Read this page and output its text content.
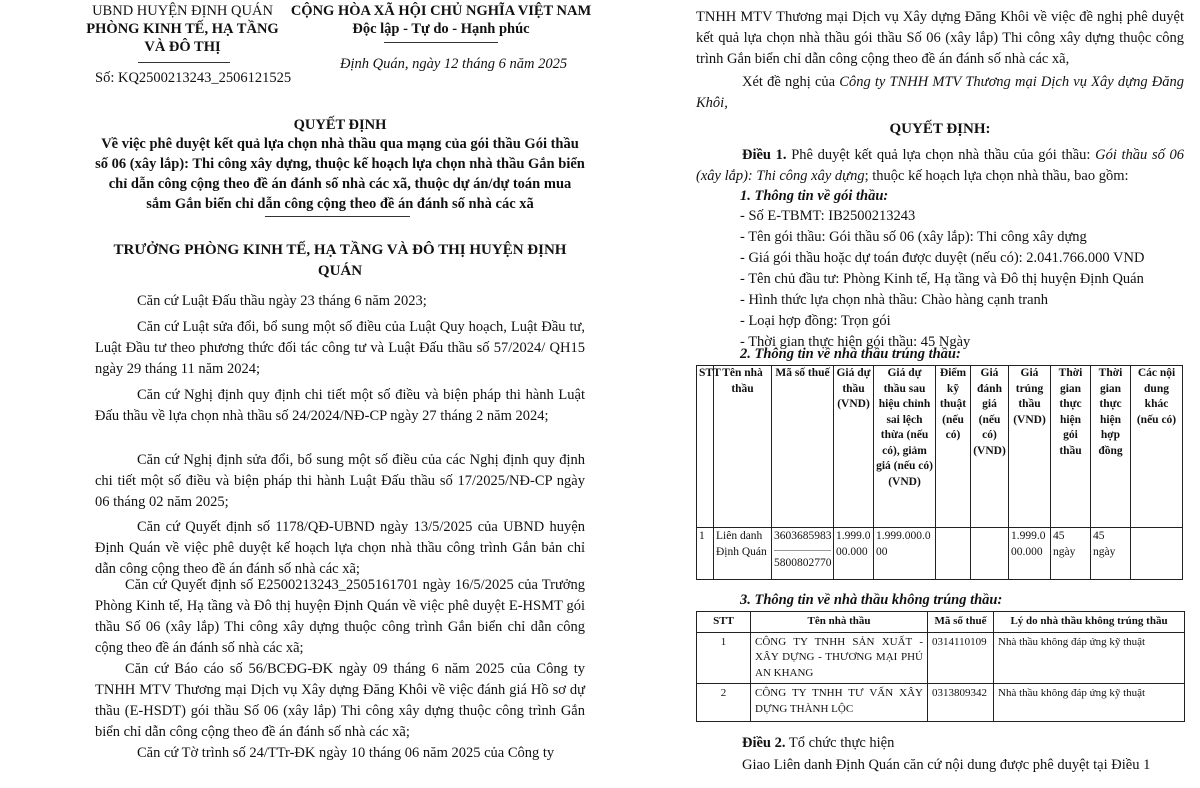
UBND HUYỆN ĐỊNH QUÁN
PHÒNG KINH TẾ, HẠ TẦNG
VÀ ĐÔ THỊ
Số: KQ2500213243_2506121525
CỘNG HÒA XÃ HỘI CHỦ NGHĨA VIỆT NAM
Độc lập - Tự do - Hạnh phúc
Định Quán, ngày 12 tháng 6 năm 2025
QUYẾT ĐỊNH
Về việc phê duyệt kết quả lựa chọn nhà thầu qua mạng của gói thầu Gói thầu số 06 (xây lắp): Thi công xây dựng, thuộc kế hoạch lựa chọn nhà thầu Gắn biển chỉ dẫn công cộng theo đề án đánh số nhà các xã, thuộc dự án/dự toán mua sắm Gắn biển chỉ dẫn công cộng theo đề án đánh số nhà các xã
TRƯỞNG PHÒNG KINH TẾ, HẠ TẦNG VÀ ĐÔ THỊ HUYỆN ĐỊNH QUÁN
Căn cứ Luật Đấu thầu ngày 23 tháng 6 năm 2023;
Căn cứ Luật sửa đổi, bổ sung một số điều của Luật Quy hoạch, Luật Đầu tư, Luật Đầu tư theo phương thức đối tác công tư và Luật Đấu thầu số 57/2024/ QH15 ngày 29 tháng 11 năm 2024;
Căn cứ Nghị định quy định chi tiết một số điều và biện pháp thi hành Luật Đấu thầu về lựa chọn nhà thầu số 24/2024/NĐ-CP ngày 27 tháng 2 năm 2024;
Căn cứ Nghị định sửa đổi, bổ sung một số điều của các Nghị định quy định chi tiết một số điều và biện pháp thi hành Luật Đấu thầu số 17/2025/NĐ-CP ngày 06 tháng 02 năm 2025;
Căn cứ Quyết định số 1178/QĐ-UBND ngày 13/5/2025 của UBND huyện Định Quán về việc phê duyệt kế hoạch lựa chọn nhà thầu công trình Gắn bản chỉ dẫn công cộng theo đề án đánh số nhà các xã;
Căn cứ Quyết định số E2500213243_2505161701 ngày 16/5/2025 của Trưởng Phòng Kinh tế, Hạ tầng và Đô thị huyện Định Quán về việc phê duyệt E-HSMT gói thầu Số 06 (xây lắp) Thi công xây dựng thuộc công trình Gắn biển chỉ dẫn công cộng theo đề án đánh số nhà các xã;
Căn cứ Báo cáo số 56/BCĐG-ĐK ngày 09 tháng 6 năm 2025 của Công ty TNHH MTV Thương mại Dịch vụ Xây dựng Đăng Khôi về việc đánh giá Hồ sơ dự thầu (E-HSDT) gói thầu Số 06 (xây lắp) Thi công xây dựng thuộc công trình Gắn biển chỉ dẫn công cộng theo đề án đánh số nhà các xã;
Căn cứ Tờ trình số 24/TTr-ĐK ngày 10 tháng 06 năm 2025 của Công ty
TNHH MTV Thương mại Dịch vụ Xây dựng Đăng Khôi về việc đề nghị phê duyệt kết quả lựa chọn nhà thầu gói thầu Số 06 (xây lắp) Thi công xây dựng thuộc công trình Gắn biển chỉ dẫn công cộng theo đề án đánh số nhà các xã,
Xét đề nghị của Công ty TNHH MTV Thương mại Dịch vụ Xây dựng Đăng Khôi,
QUYẾT ĐỊNH:
Điều 1. Phê duyệt kết quả lựa chọn nhà thầu của gói thầu: Gói thầu số 06 (xây lắp): Thi công xây dựng; thuộc kế hoạch lựa chọn nhà thầu, bao gồm:
1. Thông tin về gói thầu:
- Số E-TBMT: IB2500213243
- Tên gói thầu: Gói thầu số 06 (xây lắp): Thi công xây dựng
- Giá gói thầu hoặc dự toán được duyệt (nếu có): 2.041.766.000 VND
- Tên chủ đầu tư: Phòng Kinh tế, Hạ tầng và Đô thị huyện Định Quán
- Hình thức lựa chọn nhà thầu: Chào hàng cạnh tranh
- Loại hợp đồng: Trọn gói
- Thời gian thực hiện gói thầu: 45 Ngày
2. Thông tin về nhà thầu trúng thầu:
STT	Tên nhà thầu	Mã số thuế	Giá dự thầu (VND)	Giá dự thầu sau hiệu chỉnh sai lệch thừa (nếu có), giảm giá (nếu có) (VND)	Điểm kỹ thuật (nếu có)	Giá đánh giá (nếu có) (VND)	Giá trúng thầu (VND)	Thời gian thực hiện gói thầu	Thời gian thực hiện hợp đồng	Các nội dung khác (nếu có)
1	Liên danh Định Quán	3603685983
5800802770	1.999.000.000	1.999.000.000			1.999.000.000	45 ngày	45 ngày	
3. Thông tin về nhà thầu không trúng thầu:
STT	Tên nhà thầu	Mã số thuế	Lý do nhà thầu không trúng thầu
1	CÔNG TY TNHH SẢN XUẤT - XÂY DỰNG - THƯƠNG MẠI PHÚ AN KHANG	0314110109	Nhà thầu không đáp ứng kỹ thuật
2	CÔNG TY TNHH TƯ VẤN XÂY DỰNG THÀNH LỘC	0313809342	Nhà thầu không đáp ứng kỹ thuật
Điều 2. Tổ chức thực hiện
Giao Liên danh Định Quán căn cứ nội dung được phê duyệt tại Điều 1
